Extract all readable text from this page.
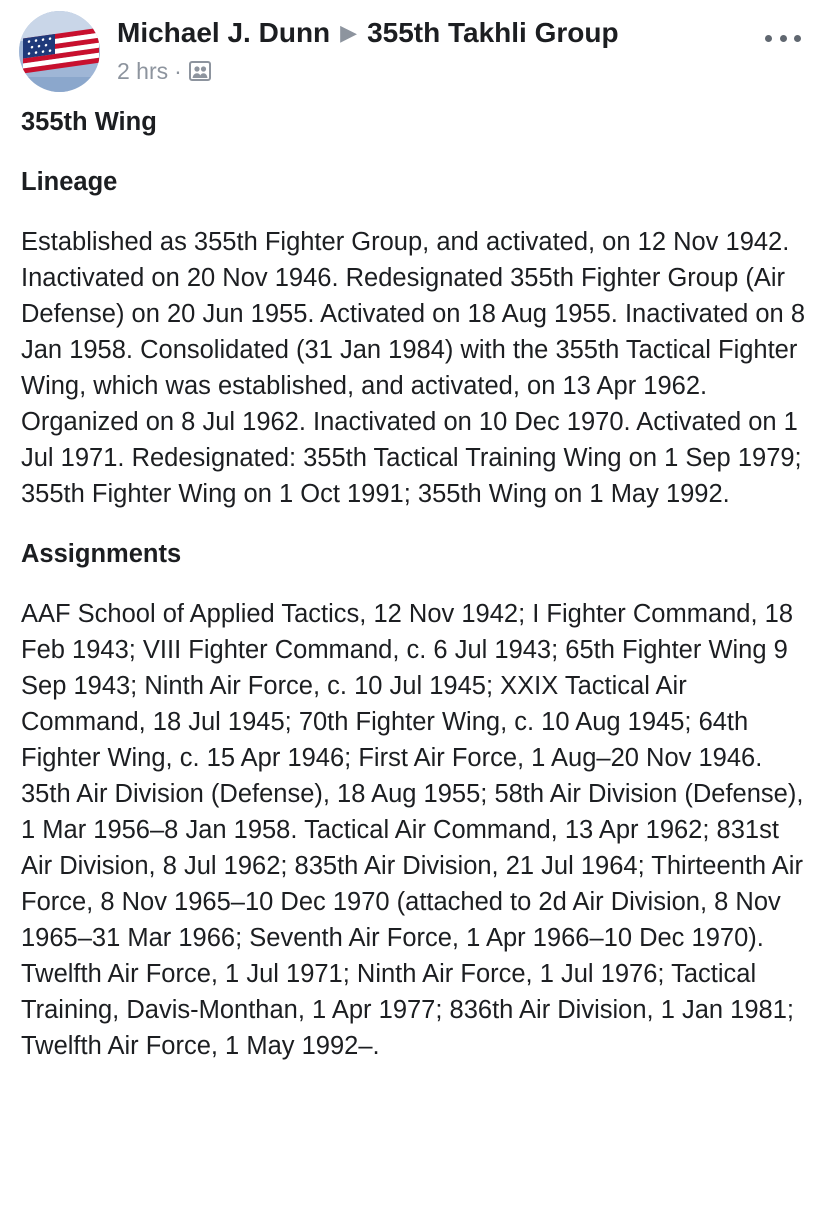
Michael J. Dunn ▶ 355th Takhli Group
2 hrs ·
355th Wing
Lineage

Established as 355th Fighter Group, and activated, on 12 Nov 1942. Inactivated on 20 Nov 1946. Redesignated 355th Fighter Group (Air Defense) on 20 Jun 1955. Activated on 18 Aug 1955. Inactivated on 8 Jan 1958. Consolidated (31 Jan 1984) with the 355th Tactical Fighter Wing, which was established, and activated, on 13 Apr 1962. Organized on 8 Jul 1962. Inactivated on 10 Dec 1970. Activated on 1 Jul 1971. Redesignated: 355th Tactical Training Wing on 1 Sep 1979; 355th Fighter Wing on 1 Oct 1991; 355th Wing on 1 May 1992.

Assignments

AAF School of Applied Tactics, 12 Nov 1942; I Fighter Command, 18 Feb 1943; VIII Fighter Command, c. 6 Jul 1943; 65th Fighter Wing 9 Sep 1943; Ninth Air Force, c. 10 Jul 1945; XXIX Tactical Air Command, 18 Jul 1945; 70th Fighter Wing, c. 10 Aug 1945; 64th Fighter Wing, c. 15 Apr 1946; First Air Force, 1 Aug–20 Nov 1946. 35th Air Division (Defense), 18 Aug 1955; 58th Air Division (Defense), 1 Mar 1956–8 Jan 1958. Tactical Air Command, 13 Apr 1962; 831st Air Division, 8 Jul 1962; 835th Air Division, 21 Jul 1964; Thirteenth Air Force, 8 Nov 1965–10 Dec 1970 (attached to 2d Air Division, 8 Nov 1965–31 Mar 1966; Seventh Air Force, 1 Apr 1966–10 Dec 1970). Twelfth Air Force, 1 Jul 1971; Ninth Air Force, 1 Jul 1976; Tactical Training, Davis-Monthan, 1 Apr 1977; 836th Air Division, 1 Jan 1981; Twelfth Air Force, 1 May 1992–.
